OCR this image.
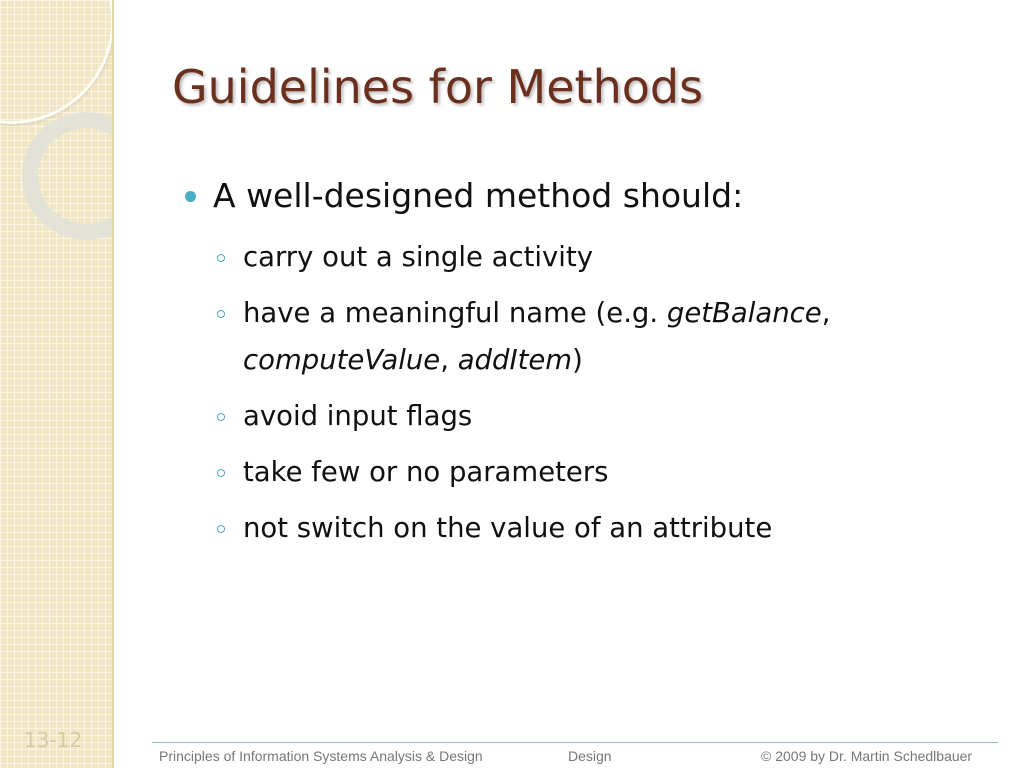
13-12
Guidelines for Methods
A well-designed method should:
carry out a single activity
have a meaningful name (e.g. getBalance, computeValue, addItem)
avoid input flags
take few or no parameters
not switch on the value of an attribute
Principles of Information Systems Analysis & Design	Design	© 2009 by Dr. Martin Schedlbauer
